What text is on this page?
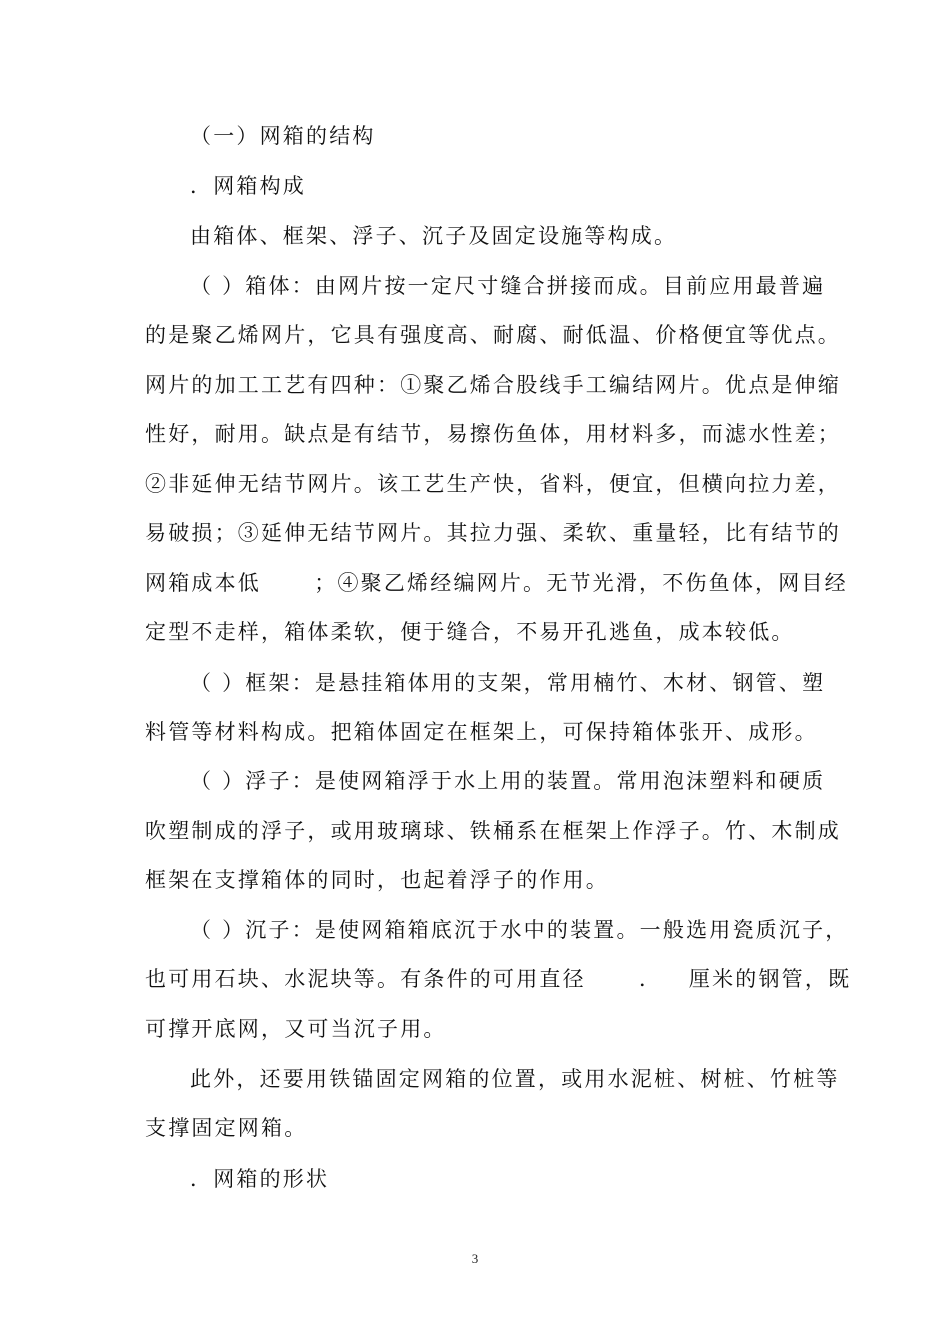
（一）网箱的结构
．网箱构成
由箱体、框架、浮子、沉子及固定设施等构成。
（ ）箱体：由网片按一定尺寸缝合拼接而成。目前应用最普遍
的是聚乙烯网片，它具有强度高、耐腐、耐低温、价格便宜等优点。
网片的加工工艺有四种：①聚乙烯合股线手工编结网片。优点是伸缩
性好，耐用。缺点是有结节，易擦伤鱼体，用材料多，而滤水性差；
②非延伸无结节网片。该工艺生产快，省料，便宜，但横向拉力差，
易破损；③延伸无结节网片。其拉力强、柔软、重量轻，比有结节的
网箱成本低      ；④聚乙烯经编网片。无节光滑，不伤鱼体，网目经
定型不走样，箱体柔软，便于缝合，不易开孔逃鱼，成本较低。
（ ）框架：是悬挂箱体用的支架，常用楠竹、木材、钢管、塑
料管等材料构成。把箱体固定在框架上，可保持箱体张开、成形。
（ ）浮子：是使网箱浮于水上用的装置。常用泡沫塑料和硬质
吹塑制成的浮子，或用玻璃球、铁桶系在框架上作浮子。竹、木制成
框架在支撑箱体的同时，也起着浮子的作用。
（ ）沉子：是使网箱箱底沉于水中的装置。一般选用瓷质沉子，
也可用石块、水泥块等。有条件的可用直径      ．   厘米的钢管，既
可撑开底网，又可当沉子用。
此外，还要用铁锚固定网箱的位置，或用水泥桩、树桩、竹桩等
支撑固定网箱。
．网箱的形状
3
